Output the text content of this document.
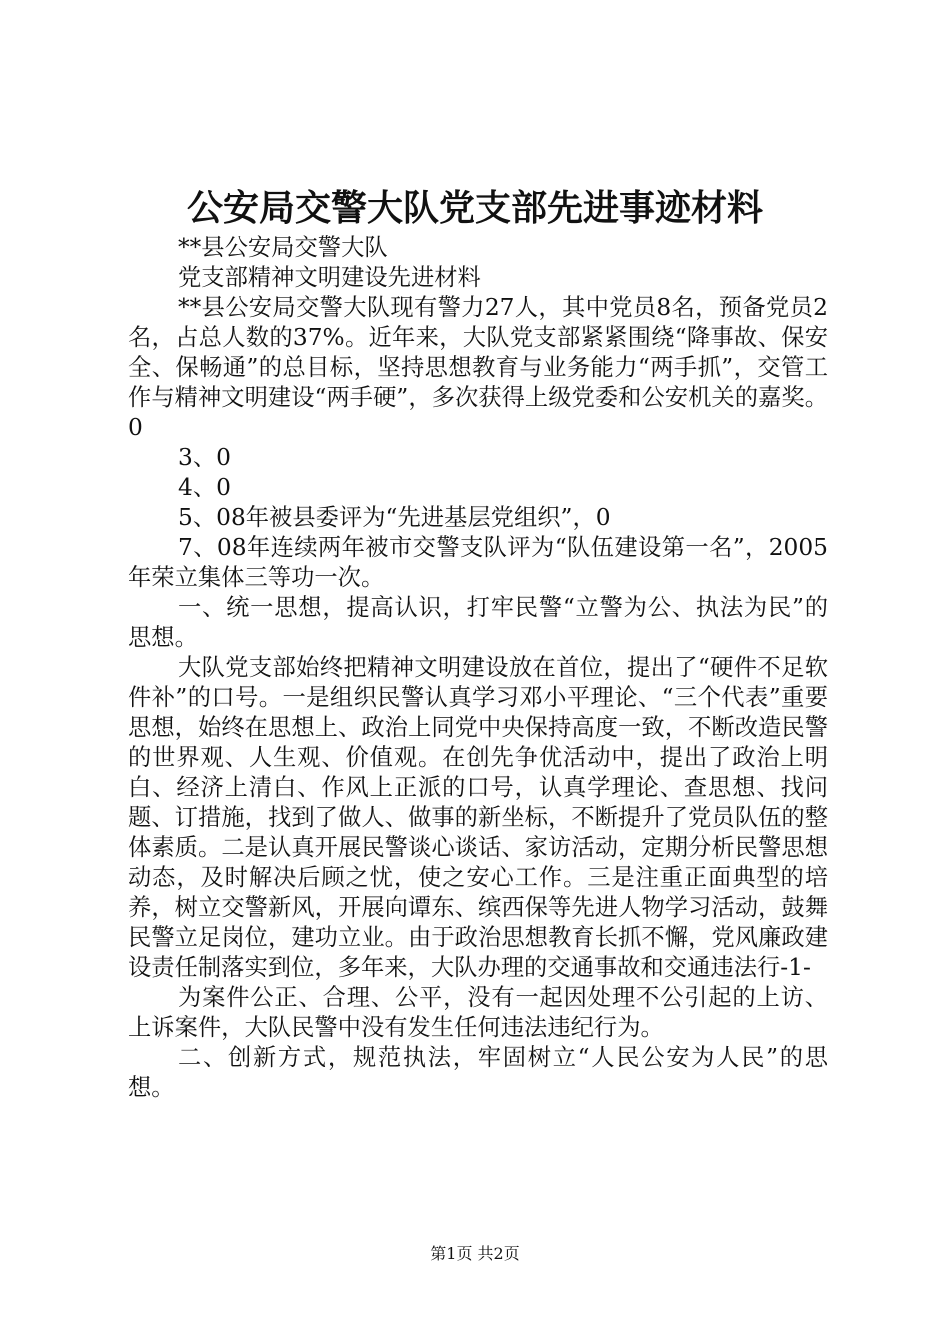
公安局交警大队党支部先进事迹材料

**县公安局交警大队

党支部精神文明建设先进材料

**县公安局交警大队现有警力27人，其中党员8名，预备党员2名，占总人数的37%。近年来，大队党支部紧紧围绕“降事故、保安全、保畅通”的总目标，坚持思想教育与业务能力“两手抓”，交管工作与精神文明建设“两手硬”，多次获得上级党委和公安机关的嘉奖。0

3、0

4、0

5、08年被县委评为“先进基层党组织”，0

7、08年连续两年被市交警支队评为“队伍建设第一名”，2005年荣立集体三等功一次。

一、统一思想，提高认识，打牢民警“立警为公、执法为民”的思想。

大队党支部始终把精神文明建设放在首位，提出了“硬件不足软件补”的口号。一是组织民警认真学习邓小平理论、“三个代表”重要思想，始终在思想上、政治上同党中央保持高度一致，不断改造民警的世界观、人生观、价值观。在创先争优活动中，提出了政治上明白、经济上清白、作风上正派的口号，认真学理论、查思想、找问题、订措施，找到了做人、做事的新坐标，不断提升了党员队伍的整体素质。二是认真开展民警谈心谈话、家访活动，定期分析民警思想动态，及时解决后顾之忧，使之安心工作。三是注重正面典型的培养，树立交警新风，开展向谭东、缤西保等先进人物学习活动，鼓舞民警立足岗位，建功立业。由于政治思想教育长抓不懈，党风廉政建设责任制落实到位，多年来，大队办理的交通事故和交通违法行-1-

为案件公正、合理、公平，没有一起因处理不公引起的上访、上诉案件，大队民警中没有发生任何违法违纪行为。

二、创新方式，规范执法，牢固树立“人民公安为人民”的思想。

第1页 共2页
